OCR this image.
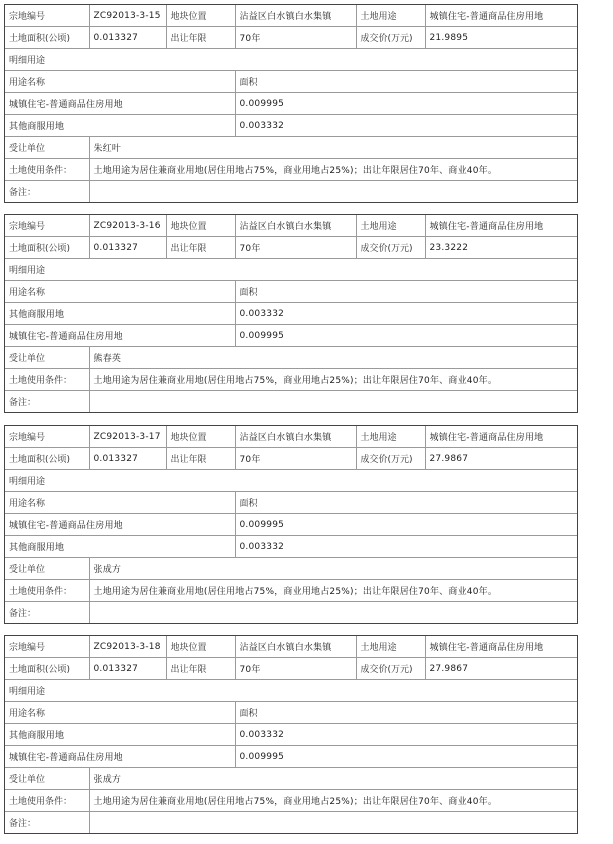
宗地编号	ZC92013-3-15	地块位置	沾益区白水镇白水集镇	土地用途	城镇住宅-普通商品住房用地
土地面积(公顷)	0.013327	出让年限	70年	成交价(万元)	21.9895
明细用途					
用途名称			面积		
城镇住宅-普通商品住房用地			0.009995		
其他商服用地			0.003332		
受让单位	朱红叶				
土地使用条件：	土地用途为居住兼商业用地(居住用地占75%，商业用地占25%)；出让年限居住70年、商业40年。				
备注：					
宗地编号	ZC92013-3-16	地块位置	沾益区白水镇白水集镇	土地用途	城镇住宅-普通商品住房用地
土地面积(公顷)	0.013327	出让年限	70年	成交价(万元)	23.3222
明细用途					
用途名称			面积		
其他商服用地			0.003332		
城镇住宅-普通商品住房用地			0.009995		
受让单位	熊春英				
土地使用条件：	土地用途为居住兼商业用地(居住用地占75%，商业用地占25%)；出让年限居住70年、商业40年。				
备注：					
宗地编号	ZC92013-3-17	地块位置	沾益区白水镇白水集镇	土地用途	城镇住宅-普通商品住房用地
土地面积(公顷)	0.013327	出让年限	70年	成交价(万元)	27.9867
明细用途					
用途名称			面积		
城镇住宅-普通商品住房用地			0.009995		
其他商服用地			0.003332		
受让单位	张成方				
土地使用条件：	土地用途为居住兼商业用地(居住用地占75%，商业用地占25%)；出让年限居住70年、商业40年。				
备注：					
宗地编号	ZC92013-3-18	地块位置	沾益区白水镇白水集镇	土地用途	城镇住宅-普通商品住房用地
土地面积(公顷)	0.013327	出让年限	70年	成交价(万元)	27.9867
明细用途					
用途名称			面积		
其他商服用地			0.003332		
城镇住宅-普通商品住房用地			0.009995		
受让单位	张成方				
土地使用条件：	土地用途为居住兼商业用地(居住用地占75%，商业用地占25%)；出让年限居住70年、商业40年。				
备注：					
